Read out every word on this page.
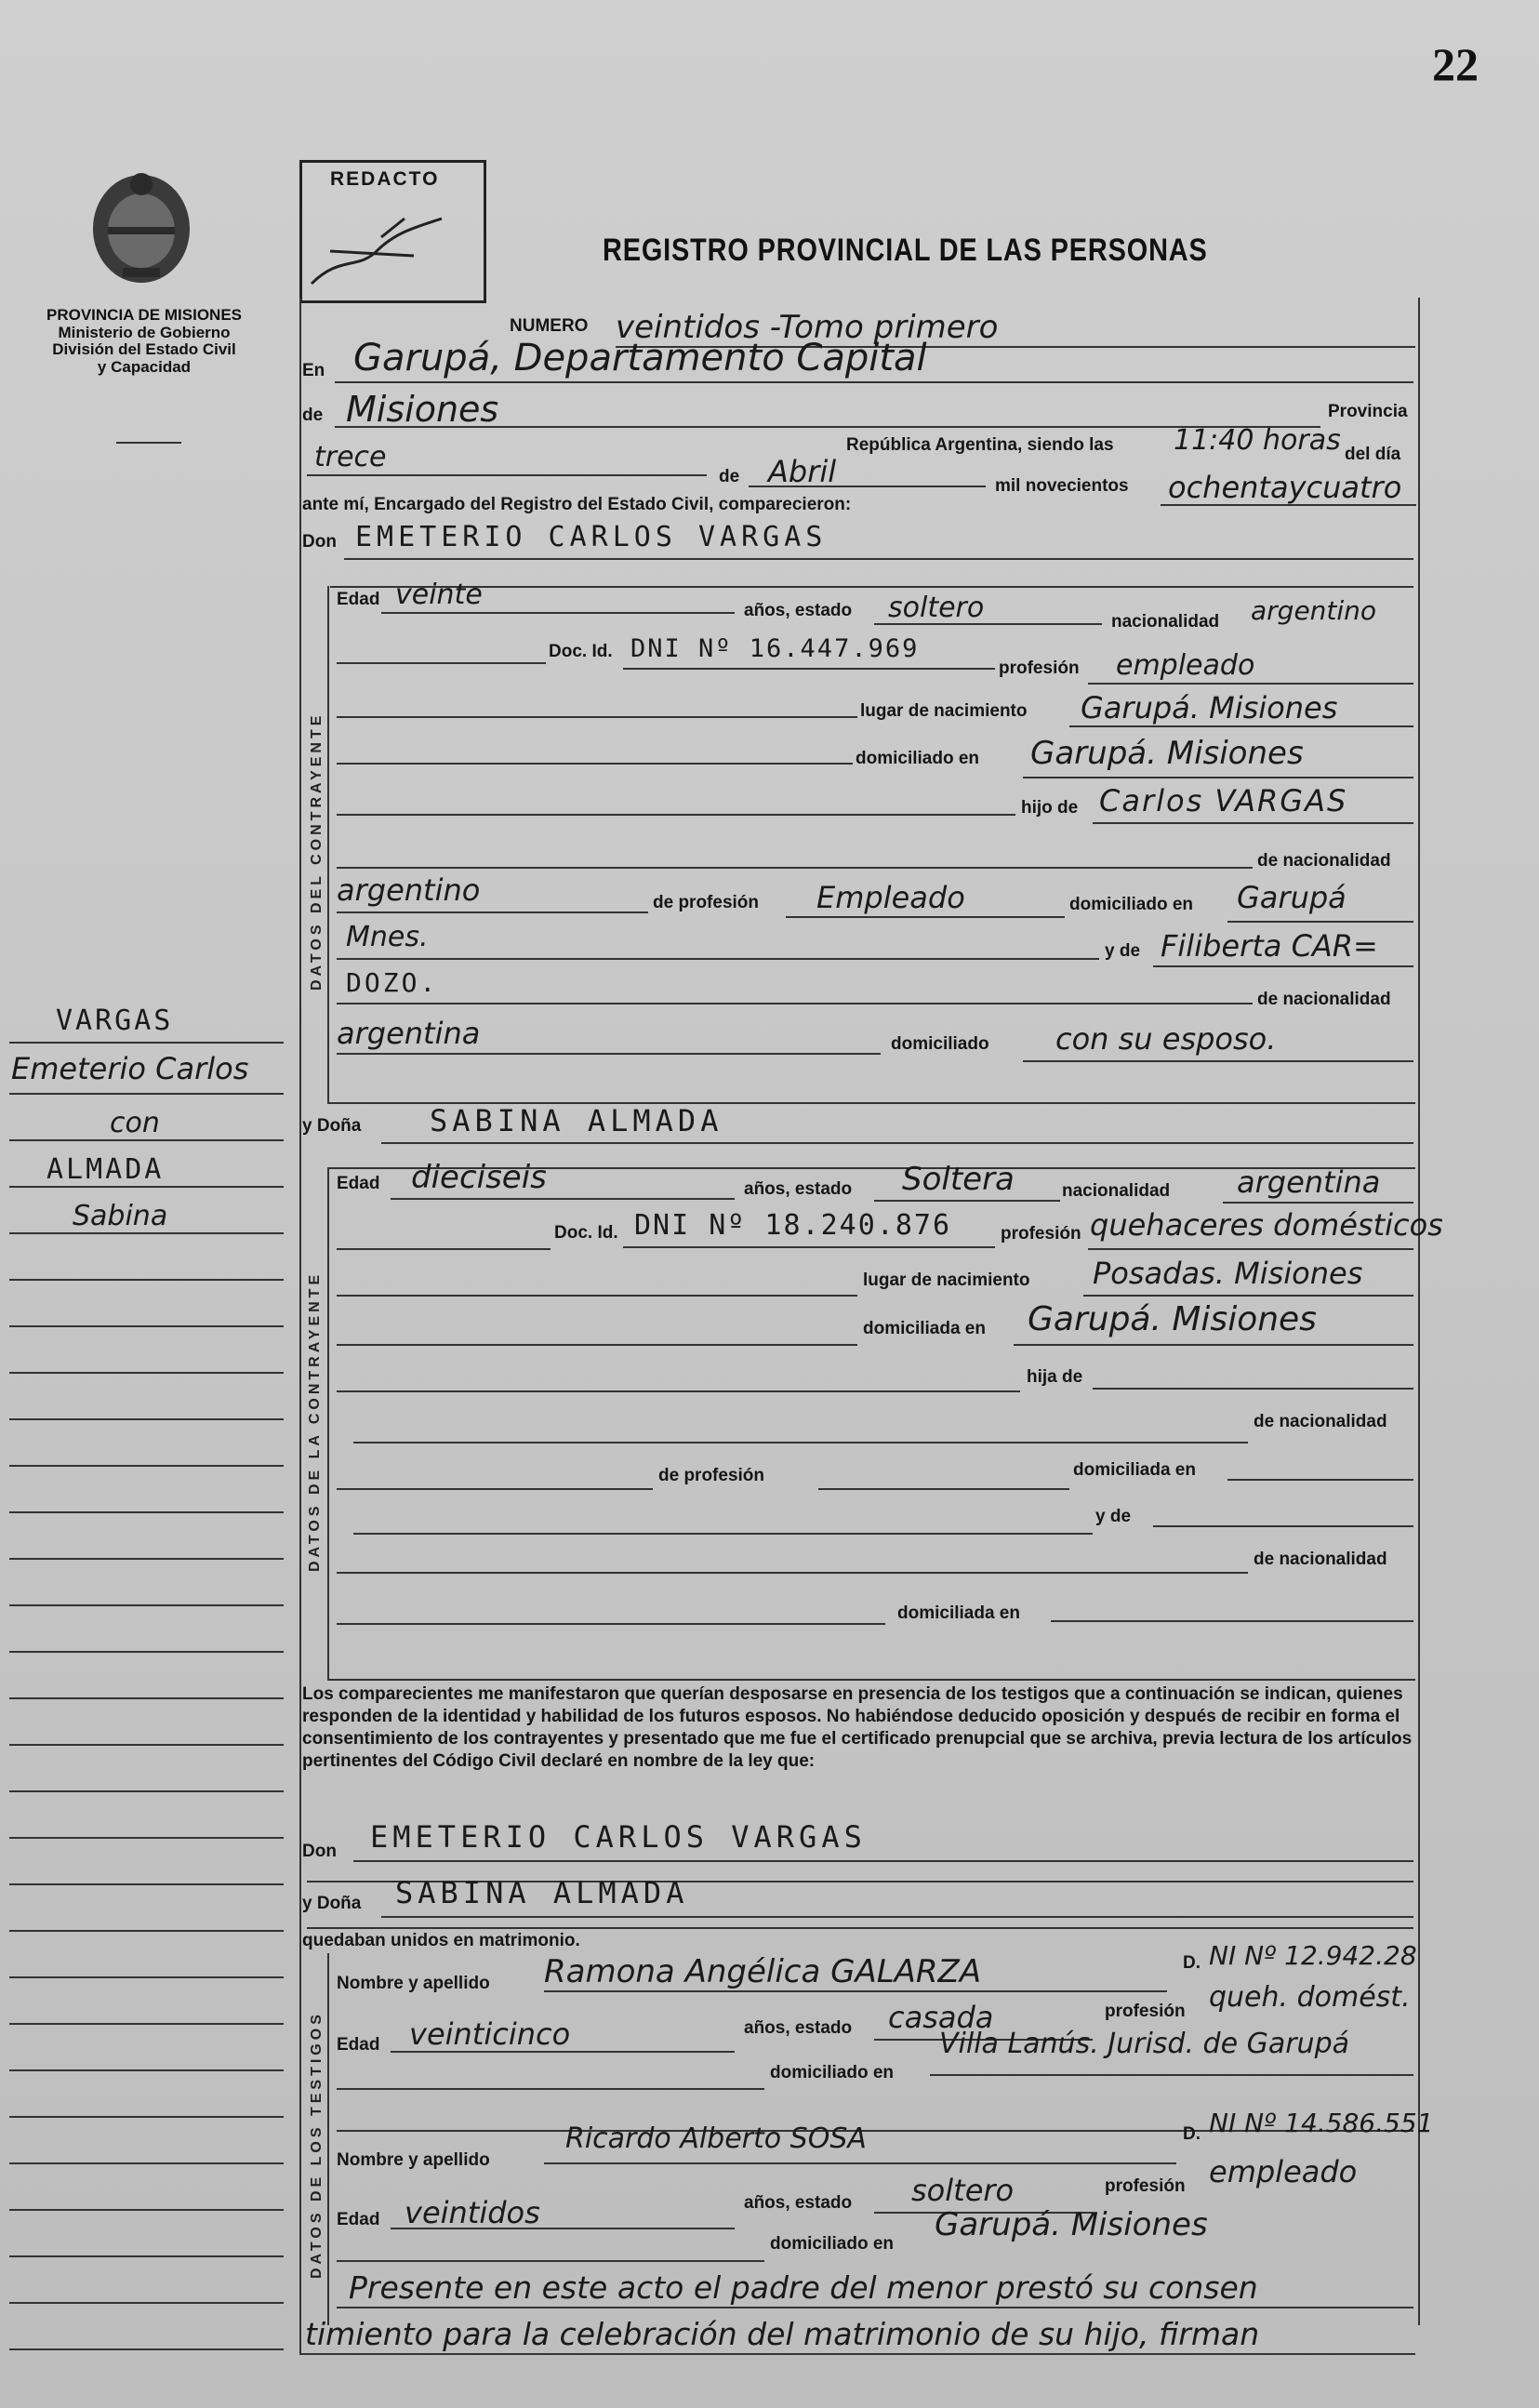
22
PROVINCIA DE MISIONES
Ministerio de Gobierno
División del Estado Civil
y Capacidad
REDACTO
REGISTRO PROVINCIAL DE LAS PERSONAS
NUMERO veintidos -Tomo primero
En Garupá, Departamento Capital
de Misiones	Provincia
República Argentina, siendo las 11:40 horas del día
trece
de Abril	mil novecientos ochentaycuatro
ante mí, Encargado del Registro del Estado Civil, comparecieron:
Don EMETERIO CARLOS VARGAS
DATOS DEL CONTRAYENTE
Edad veinte	años, estado soltero	nacionalidad argentino
Doc. Id. DNI Nº 16.447.969
profesión empleado
lugar de nacimiento Garupá. Misiones
domiciliado en Garupá. Misiones
hijo de Carlos VARGAS
de nacionalidad
argentino	de profesión Empleado	domiciliado en Garupá
Mnes.	y de Filiberta CAR=
DOZO.
de nacionalidad
argentina	domiciliado con su esposo.
y Doña SABINA ALMADA
DATOS DE LA CONTRAYENTE
Edad dieciseis	años, estado Soltera	nacionalidad argentina
Doc. Id. DNI Nº 18.240.876	profesión quehaceres domésticos
lugar de nacimiento Posadas. Misiones
domiciliada en Garupá. Misiones
hija de
de nacionalidad
de profesión	domiciliada en
y de
de nacionalidad
domiciliada en
Los comparecientes me manifestaron que querían desposarse en presencia de los testigos que a continuación se indican, quienes responden de la identidad y habilidad de los futuros esposos. No habiéndose deducido oposición y después de recibir en forma el consentimiento de los contrayentes y presentado que me fue el certificado prenupcial que se archiva, previa lectura de los artículos pertinentes del Código Civil declaré en nombre de la ley que:
Don EMETERIO CARLOS VARGAS
y Doña SABINA ALMADA
quedaban unidos en matrimonio.
DATOS DE LOS TESTIGOS
Nombre y apellido Ramona Angélica GALARZA	D. NI Nº 12.942.28
Edad veinticinco	años, estado casada	profesión queh. domést.
domiciliado en
Villa Lanús. Jurisd. de Garupá
Nombre y apellido
Ricardo Alberto SOSA	D. NI Nº 14.586.551
Edad veintidos	años, estado soltero	profesión empleado
domiciliado en
Garupá. Misiones
Presente en este acto el padre del menor prestó su consen
timiento para la celebración del matrimonio de su hijo, firman
VARGAS
Emeterio Carlos
con
ALMADA
Sabina
